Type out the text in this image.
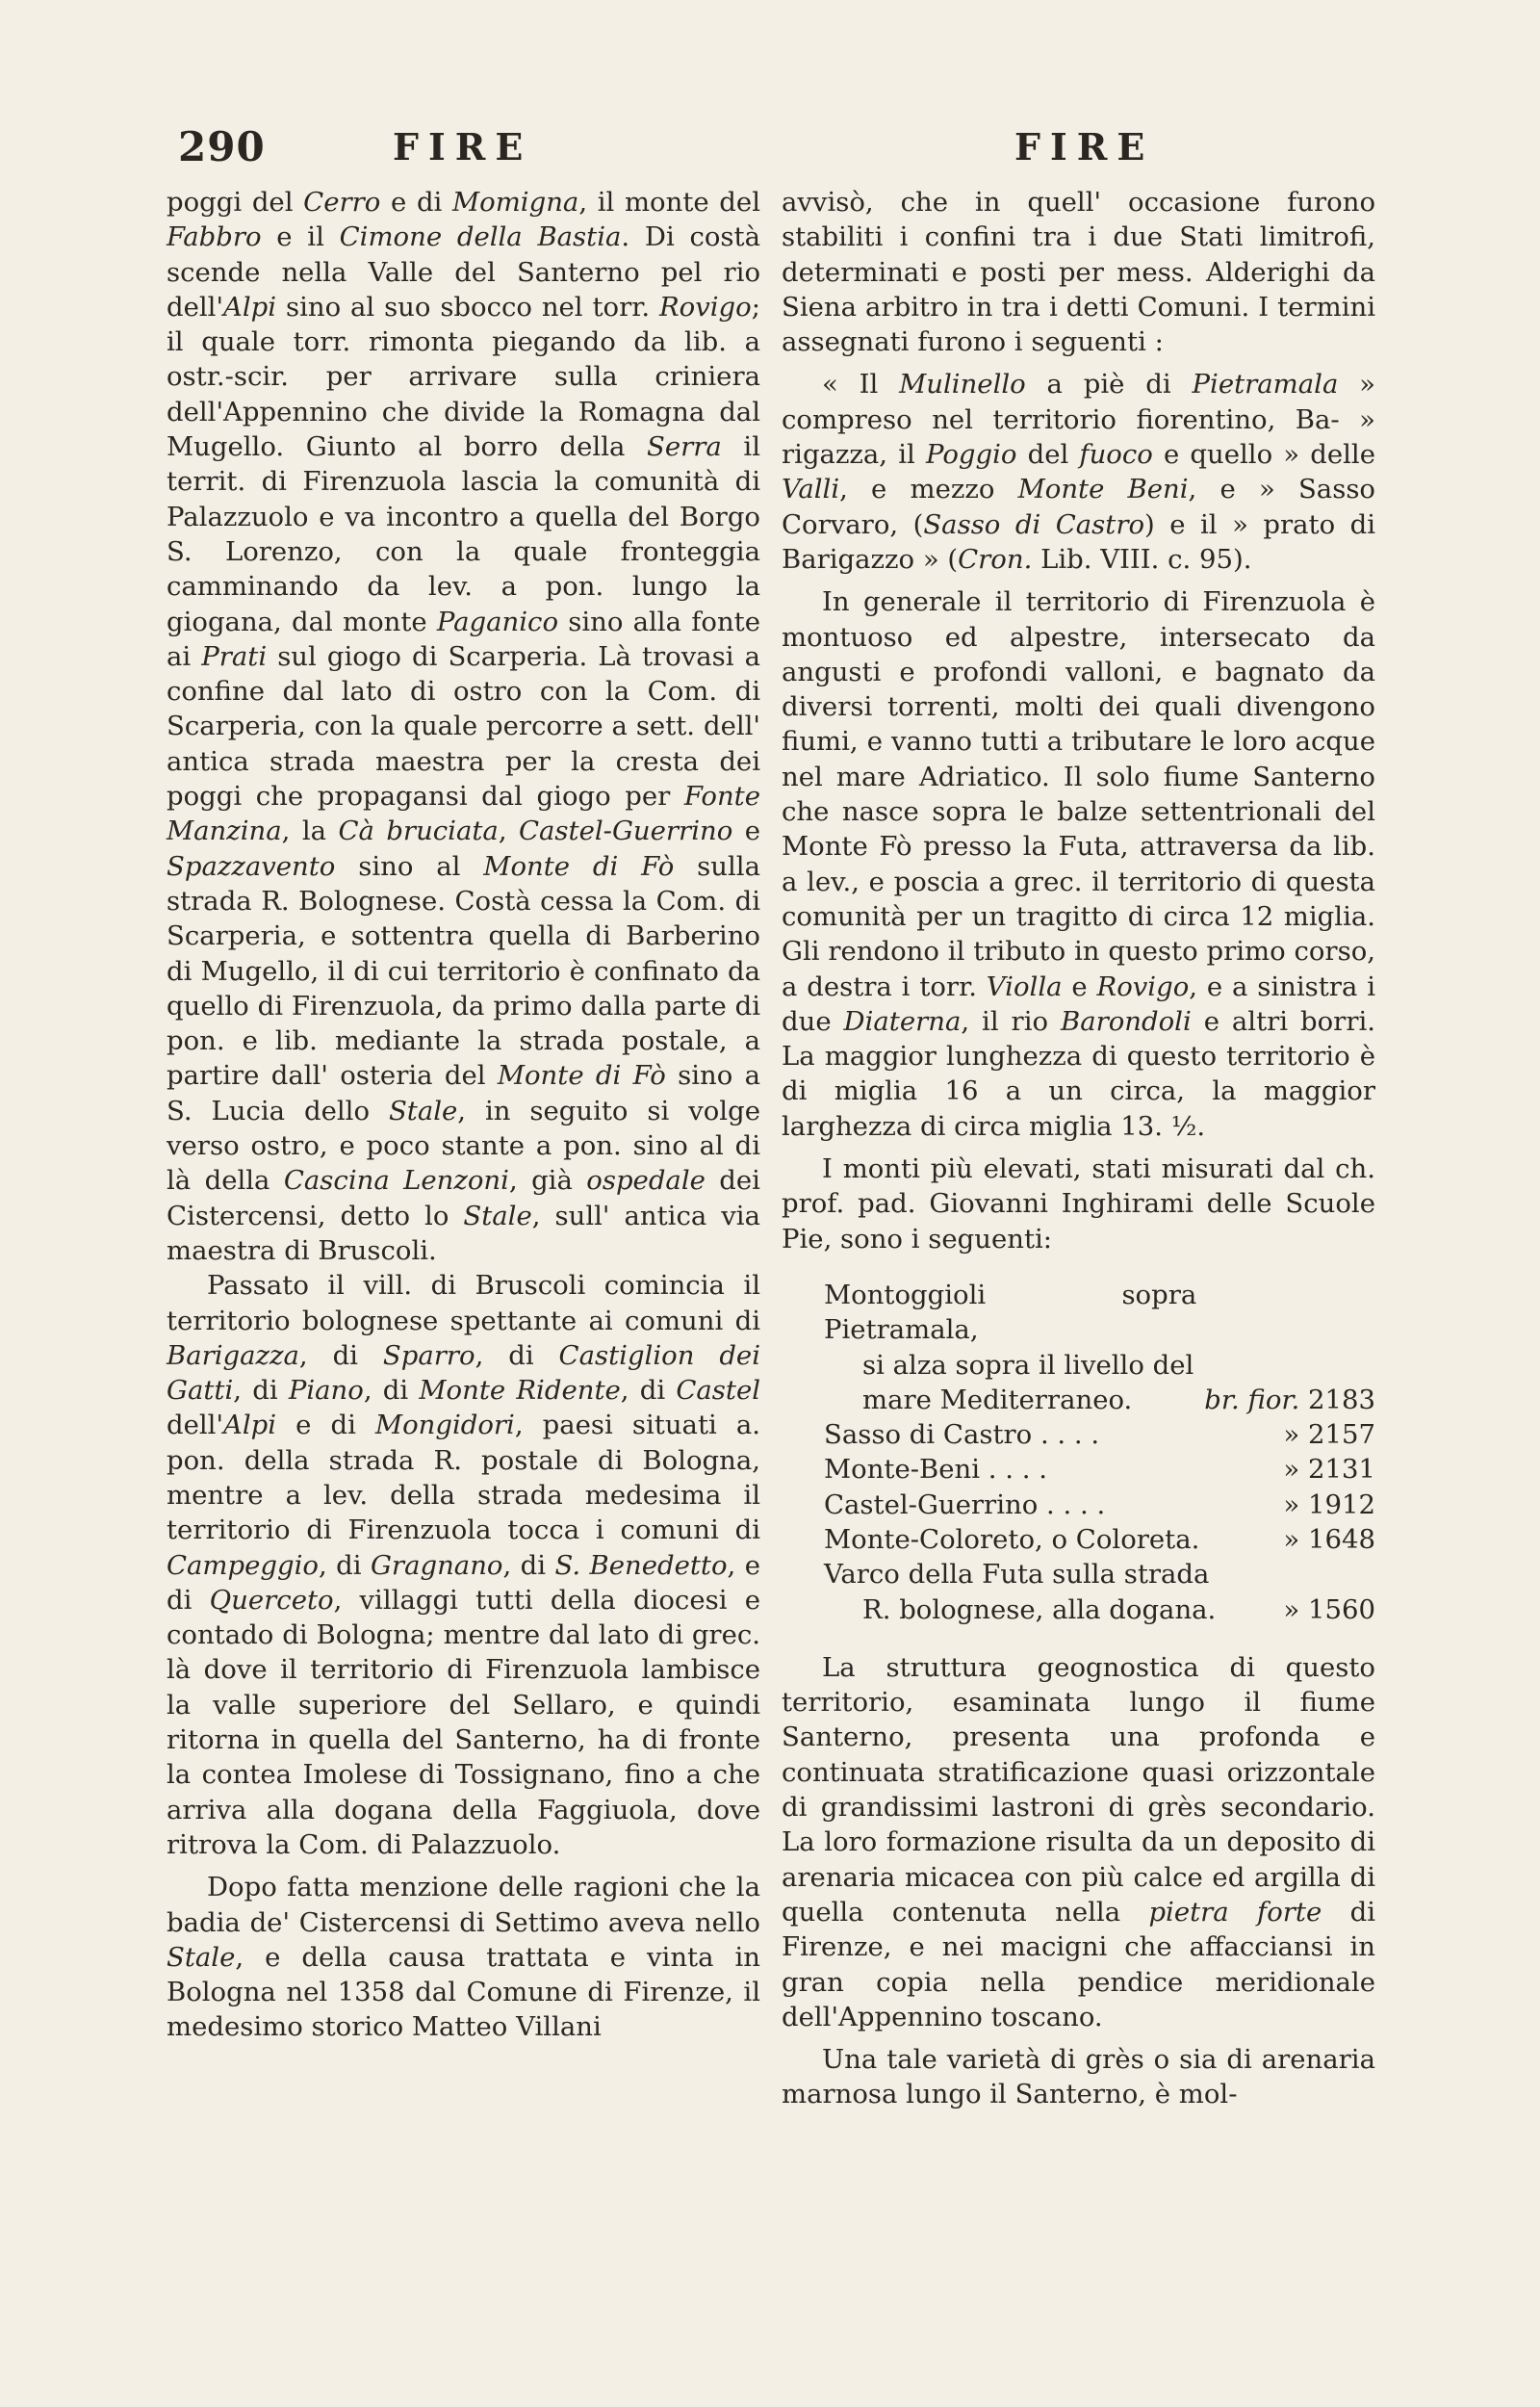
290	FIRE	FIRE

poggi del Cerro e di Momigna, il monte del Fabbro e il Cimone della Bastia. Di costà scende nella Valle del Santerno pel rio dell'Alpi sino al suo sbocco nel torr. Rovigo; il quale torr. rimonta piegando da lib. a ostr.-scir. per arrivare sulla criniera dell'Appennino che divide la Romagna dal Mugello. Giunto al borro della Serra il territ. di Firenzuola lascia la comunità di Palazzuolo e va incontro a quella del Borgo S. Lorenzo, con la quale fronteggia camminando da lev. a pon. lungo la giogana, dal monte Paganico sino alla fonte ai Prati sul giogo di Scarperia. Là trovasi a confine dal lato di ostro con la Com. di Scarperia, con la quale percorre a sett. dell' antica strada maestra per la cresta dei poggi che propagansi dal giogo per Fonte Manzina, la Cà bruciata, Castel-Guerrino e Spazzavento sino al Monte di Fò sulla strada R. Bolognese. Costà cessa la Com. di Scarperia, e sottentra quella di Barberino di Mugello, il di cui territorio è confinato da quello di Firenzuola, da primo dalla parte di pon. e lib. mediante la strada postale, a partire dall' osteria del Monte di Fò sino a S. Lucia dello Stale, in seguito si volge verso ostro, e poco stante a pon. sino al di là della Cascina Lenzoni, già ospedale dei Cistercensi, detto lo Stale, sull' antica via maestra di Bruscoli.

Passato il vill. di Bruscoli comincia il territorio bolognese spettante ai comuni di Barigazza, di Sparro, di Castiglion dei Gatti, di Piano, di Monte Ridente, di Castel dell'Alpi e di Mongidori, paesi situati a. pon. della strada R. postale di Bologna, mentre a lev. della strada medesima il territorio di Firenzuola tocca i comuni di Campeggio, di Gragnano, di S. Benedetto, e di Querceto, villaggi tutti della diocesi e contado di Bologna; mentre dal lato di grec. là dove il territorio di Firenzuola lambisce la valle superiore del Sellaro, e quindi ritorna in quella del Santerno, ha di fronte la contea Imolese di Tossignano, fino a che arriva alla dogana della Faggiuola, dove ritrova la Com. di Palazzuolo.

Dopo fatta menzione delle ragioni che la badia de' Cistercensi di Settimo aveva nello Stale, e della causa trattata e vinta in Bologna nel 1358 dal Comune di Firenze, il medesimo storico Matteo Villani

avvisò, che in quell' occasione furono stabiliti i confini tra i due Stati limitrofi, determinati e posti per mess. Alderighi da Siena arbitro in tra i detti Comuni. I termini assegnati furono i seguenti :

« Il Mulinello a piè di Pietramala » compreso nel territorio fiorentino, Ba- » rigazza, il Poggio del fuoco e quello » delle Valli, e mezzo Monte Beni, e » Sasso Corvaro, (Sasso di Castro) e il » prato di Barigazzo » (Cron. Lib. VIII. c. 95).

In generale il territorio di Firenzuola è montuoso ed alpestre, intersecato da angusti e profondi valloni, e bagnato da diversi torrenti, molti dei quali divengono fiumi, e vanno tutti a tributare le loro acque nel mare Adriatico. Il solo fiume Santerno che nasce sopra le balze settentrionali del Monte Fò presso la Futa, attraversa da lib. a lev., e poscia a grec. il territorio di questa comunità per un tragitto di circa 12 miglia. Gli rendono il tributo in questo primo corso, a destra i torr. Violla e Rovigo, e a sinistra i due Diaterna, il rio Barondoli e altri borri. La maggior lunghezza di questo territorio è di miglia 16 a un circa, la maggior larghezza di circa miglia 13. ½.

I monti più elevati, stati misurati dal ch. prof. pad. Giovanni Inghirami delle Scuole Pie, sono i seguenti:

Montoggioli sopra Pietramala,
si alza sopra il livello del
mare Mediterraneo.	br. fior. 2183
Sasso di Castro . . . .	» 2157
Monte-Beni . . . .	» 2131
Castel-Guerrino . . . .	» 1912
Monte-Coloreto, o Coloreta.	» 1648
Varco della Futa sulla strada
R. bolognese, alla dogana.	» 1560

La struttura geognostica di questo territorio, esaminata lungo il fiume Santerno, presenta una profonda e continuata stratificazione quasi orizzontale di grandissimi lastroni di grès secondario. La loro formazione risulta da un deposito di arenaria micacea con più calce ed argilla di quella contenuta nella pietra forte di Firenze, e nei macigni che affacciansi in gran copia nella pendice meridionale dell'Appennino toscano.

Una tale varietà di grès o sia di arenaria marnosa lungo il Santerno, è mol-
